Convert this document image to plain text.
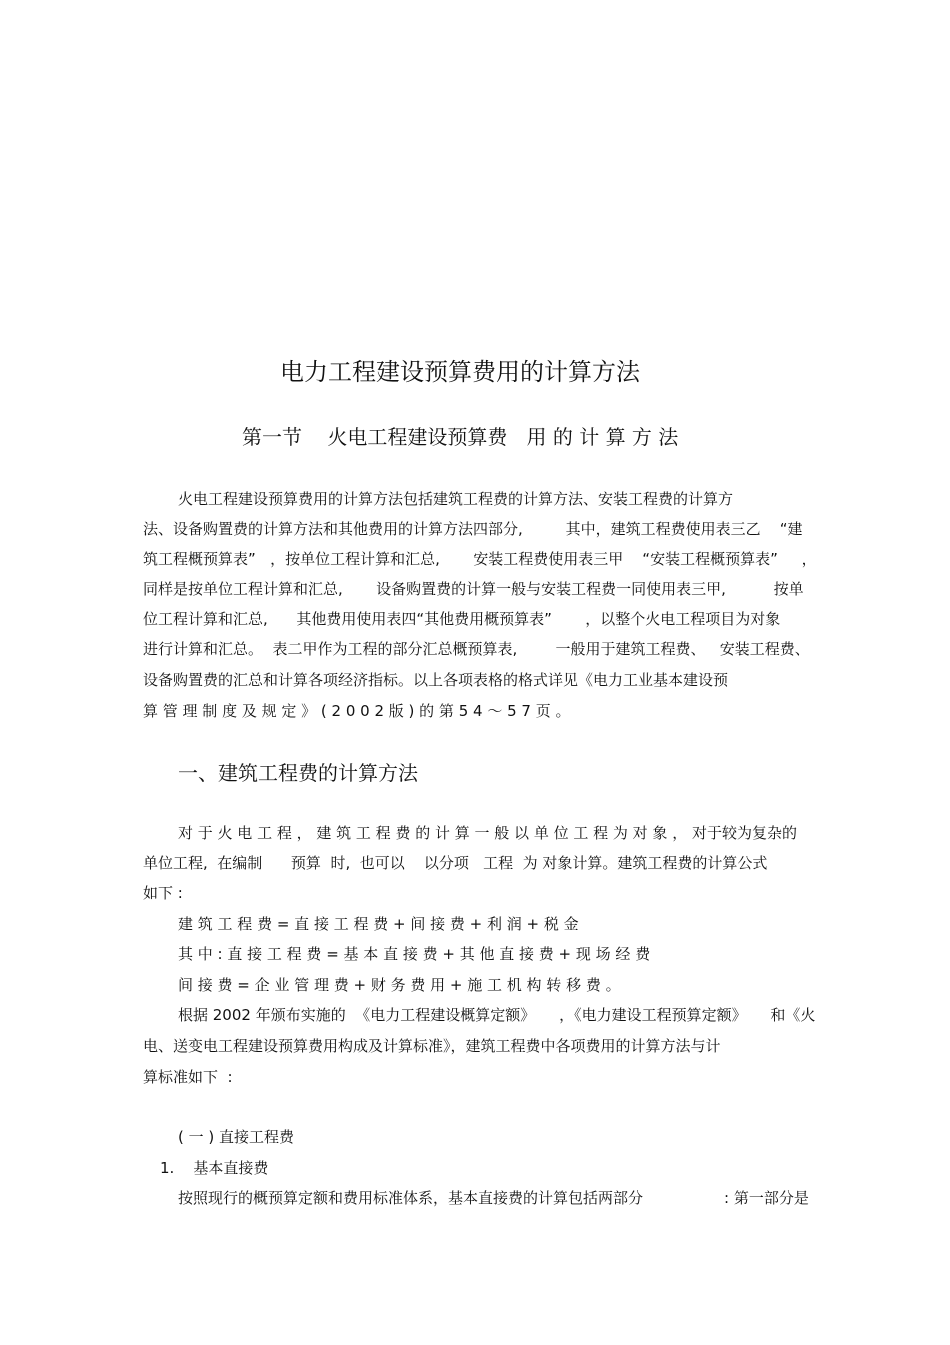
电力工程建设预算费用的计算方法
第一节    火电工程建设预算费   用 的 计 算 方 法
火电工程建设预算费用的计算方法包括建筑工程费的计算方法、安装工程费的计算方
法、设备购置费的计算方法和其他费用的计算方法四部分,         其中，建筑工程费使用表三乙    “建
筑工程概预算表”   ，按单位工程计算和汇总,       安装工程费使用表三甲    “安装工程概预算表”     ，
同样是按单位工程计算和汇总,       设备购置费的计算一般与安装工程费一同使用表三甲,          按单
位工程计算和汇总,      其他费用使用表四“其他费用概预算表”       ，以整个火电工程项目为对象
进行计算和汇总。  表二甲作为工程的部分汇总概预算表,        一般用于建筑工程费、   安装工程费、
设备购置费的汇总和计算各项经济指标。以上各项表格的格式详见《电力工业基本建设预
算 管 理 制 度 及 规 定 》 ( 2 0 0 2 版 ) 的 第 5 4 ～ 5 7 页 。
一、建筑工程费的计算方法
对 于 火 电 工 程 ， 建 筑 工 程 费 的 计 算 一 般 以 单 位 工 程 为 对 象 ， 对于较为复杂的
单位工程,  在编制      预算  时,  也可以    以分项   工程  为 对象计算。建筑工程费的计算公式
如下 :
建 筑 工 程 费 = 直 接 工 程 费 + 间 接 费 + 利 润 + 税 金
其 中 : 直 接 工 程 费 = 基 本 直 接 费 + 其 他 直 接 费 + 现 场 经 费
间 接 费 = 企 业 管 理 费 + 财 务 费 用 + 施 工 机 构 转 移 费 。
根据 2002 年颁布实施的  《电力工程建设概算定额》     ，《电力建设工程预算定额》     和《火
电、送变电工程建设预算费用构成及计算标准》，建筑工程费中各项费用的计算方法与计
算标准如下  :
( 一 ) 直接工程费
1.    基本直接费
按照现行的概预算定额和费用标准体系，基本直接费的计算包括两部分                 : 第一部分是
